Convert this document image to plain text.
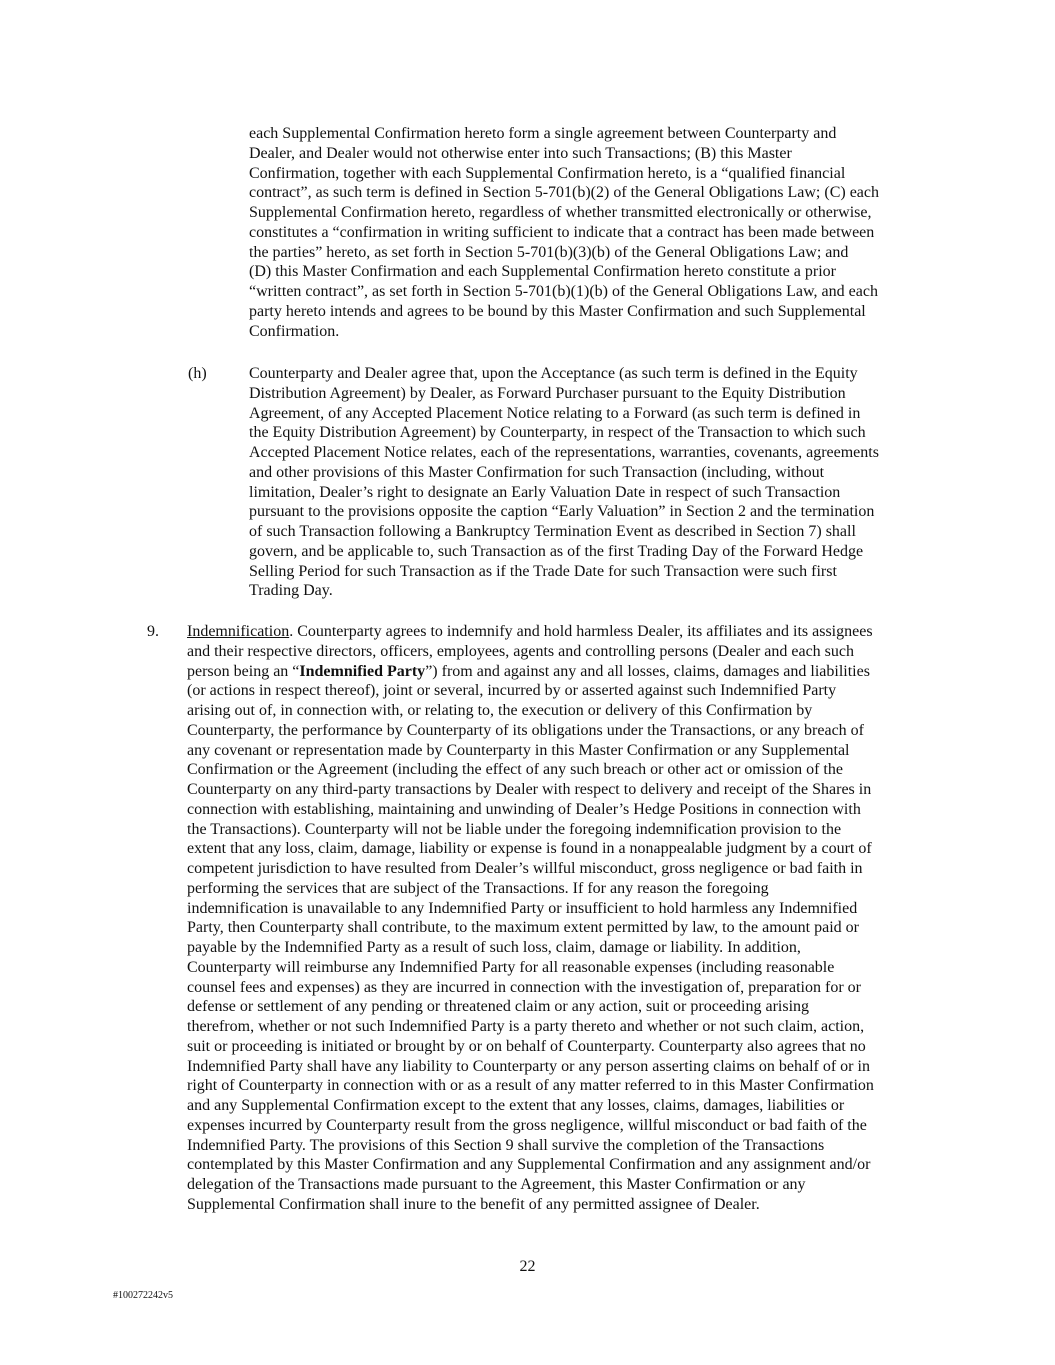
each Supplemental Confirmation hereto form a single agreement between Counterparty and
Dealer, and Dealer would not otherwise enter into such Transactions; (B) this Master
Confirmation, together with each Supplemental Confirmation hereto, is a “qualified financial
contract”, as such term is defined in Section 5-701(b)(2) of the General Obligations Law; (C) each
Supplemental Confirmation hereto, regardless of whether transmitted electronically or otherwise,
constitutes a “confirmation in writing sufficient to indicate that a contract has been made between
the parties” hereto, as set forth in Section 5-701(b)(3)(b) of the General Obligations Law; and
(D) this Master Confirmation and each Supplemental Confirmation hereto constitute a prior
“written contract”, as set forth in Section 5-701(b)(1)(b) of the General Obligations Law, and each
party hereto intends and agrees to be bound by this Master Confirmation and such Supplemental
Confirmation.
(h)	Counterparty and Dealer agree that, upon the Acceptance (as such term is defined in the Equity
Distribution Agreement) by Dealer, as Forward Purchaser pursuant to the Equity Distribution
Agreement, of any Accepted Placement Notice relating to a Forward (as such term is defined in
the Equity Distribution Agreement) by Counterparty, in respect of the Transaction to which such
Accepted Placement Notice relates, each of the representations, warranties, covenants, agreements
and other provisions of this Master Confirmation for such Transaction (including, without
limitation, Dealer’s right to designate an Early Valuation Date in respect of such Transaction
pursuant to the provisions opposite the caption “Early Valuation” in Section 2 and the termination
of such Transaction following a Bankruptcy Termination Event as described in Section 7) shall
govern, and be applicable to, such Transaction as of the first Trading Day of the Forward Hedge
Selling Period for such Transaction as if the Trade Date for such Transaction were such first
Trading Day.
9. Indemnification. Counterparty agrees to indemnify and hold harmless Dealer, its affiliates and its assignees
and their respective directors, officers, employees, agents and controlling persons (Dealer and each such
person being an “Indemnified Party”) from and against any and all losses, claims, damages and liabilities
(or actions in respect thereof), joint or several, incurred by or asserted against such Indemnified Party
arising out of, in connection with, or relating to, the execution or delivery of this Confirmation by
Counterparty, the performance by Counterparty of its obligations under the Transactions, or any breach of
any covenant or representation made by Counterparty in this Master Confirmation or any Supplemental
Confirmation or the Agreement (including the effect of any such breach or other act or omission of the
Counterparty on any third-party transactions by Dealer with respect to delivery and receipt of the Shares in
connection with establishing, maintaining and unwinding of Dealer’s Hedge Positions in connection with
the Transactions). Counterparty will not be liable under the foregoing indemnification provision to the
extent that any loss, claim, damage, liability or expense is found in a nonappealable judgment by a court of
competent jurisdiction to have resulted from Dealer’s willful misconduct, gross negligence or bad faith in
performing the services that are subject of the Transactions. If for any reason the foregoing
indemnification is unavailable to any Indemnified Party or insufficient to hold harmless any Indemnified
Party, then Counterparty shall contribute, to the maximum extent permitted by law, to the amount paid or
payable by the Indemnified Party as a result of such loss, claim, damage or liability. In addition,
Counterparty will reimburse any Indemnified Party for all reasonable expenses (including reasonable
counsel fees and expenses) as they are incurred in connection with the investigation of, preparation for or
defense or settlement of any pending or threatened claim or any action, suit or proceeding arising
therefrom, whether or not such Indemnified Party is a party thereto and whether or not such claim, action,
suit or proceeding is initiated or brought by or on behalf of Counterparty. Counterparty also agrees that no
Indemnified Party shall have any liability to Counterparty or any person asserting claims on behalf of or in
right of Counterparty in connection with or as a result of any matter referred to in this Master Confirmation
and any Supplemental Confirmation except to the extent that any losses, claims, damages, liabilities or
expenses incurred by Counterparty result from the gross negligence, willful misconduct or bad faith of the
Indemnified Party. The provisions of this Section 9 shall survive the completion of the Transactions
contemplated by this Master Confirmation and any Supplemental Confirmation and any assignment and/or
delegation of the Transactions made pursuant to the Agreement, this Master Confirmation or any
Supplemental Confirmation shall inure to the benefit of any permitted assignee of Dealer.
22
#100272242v5
